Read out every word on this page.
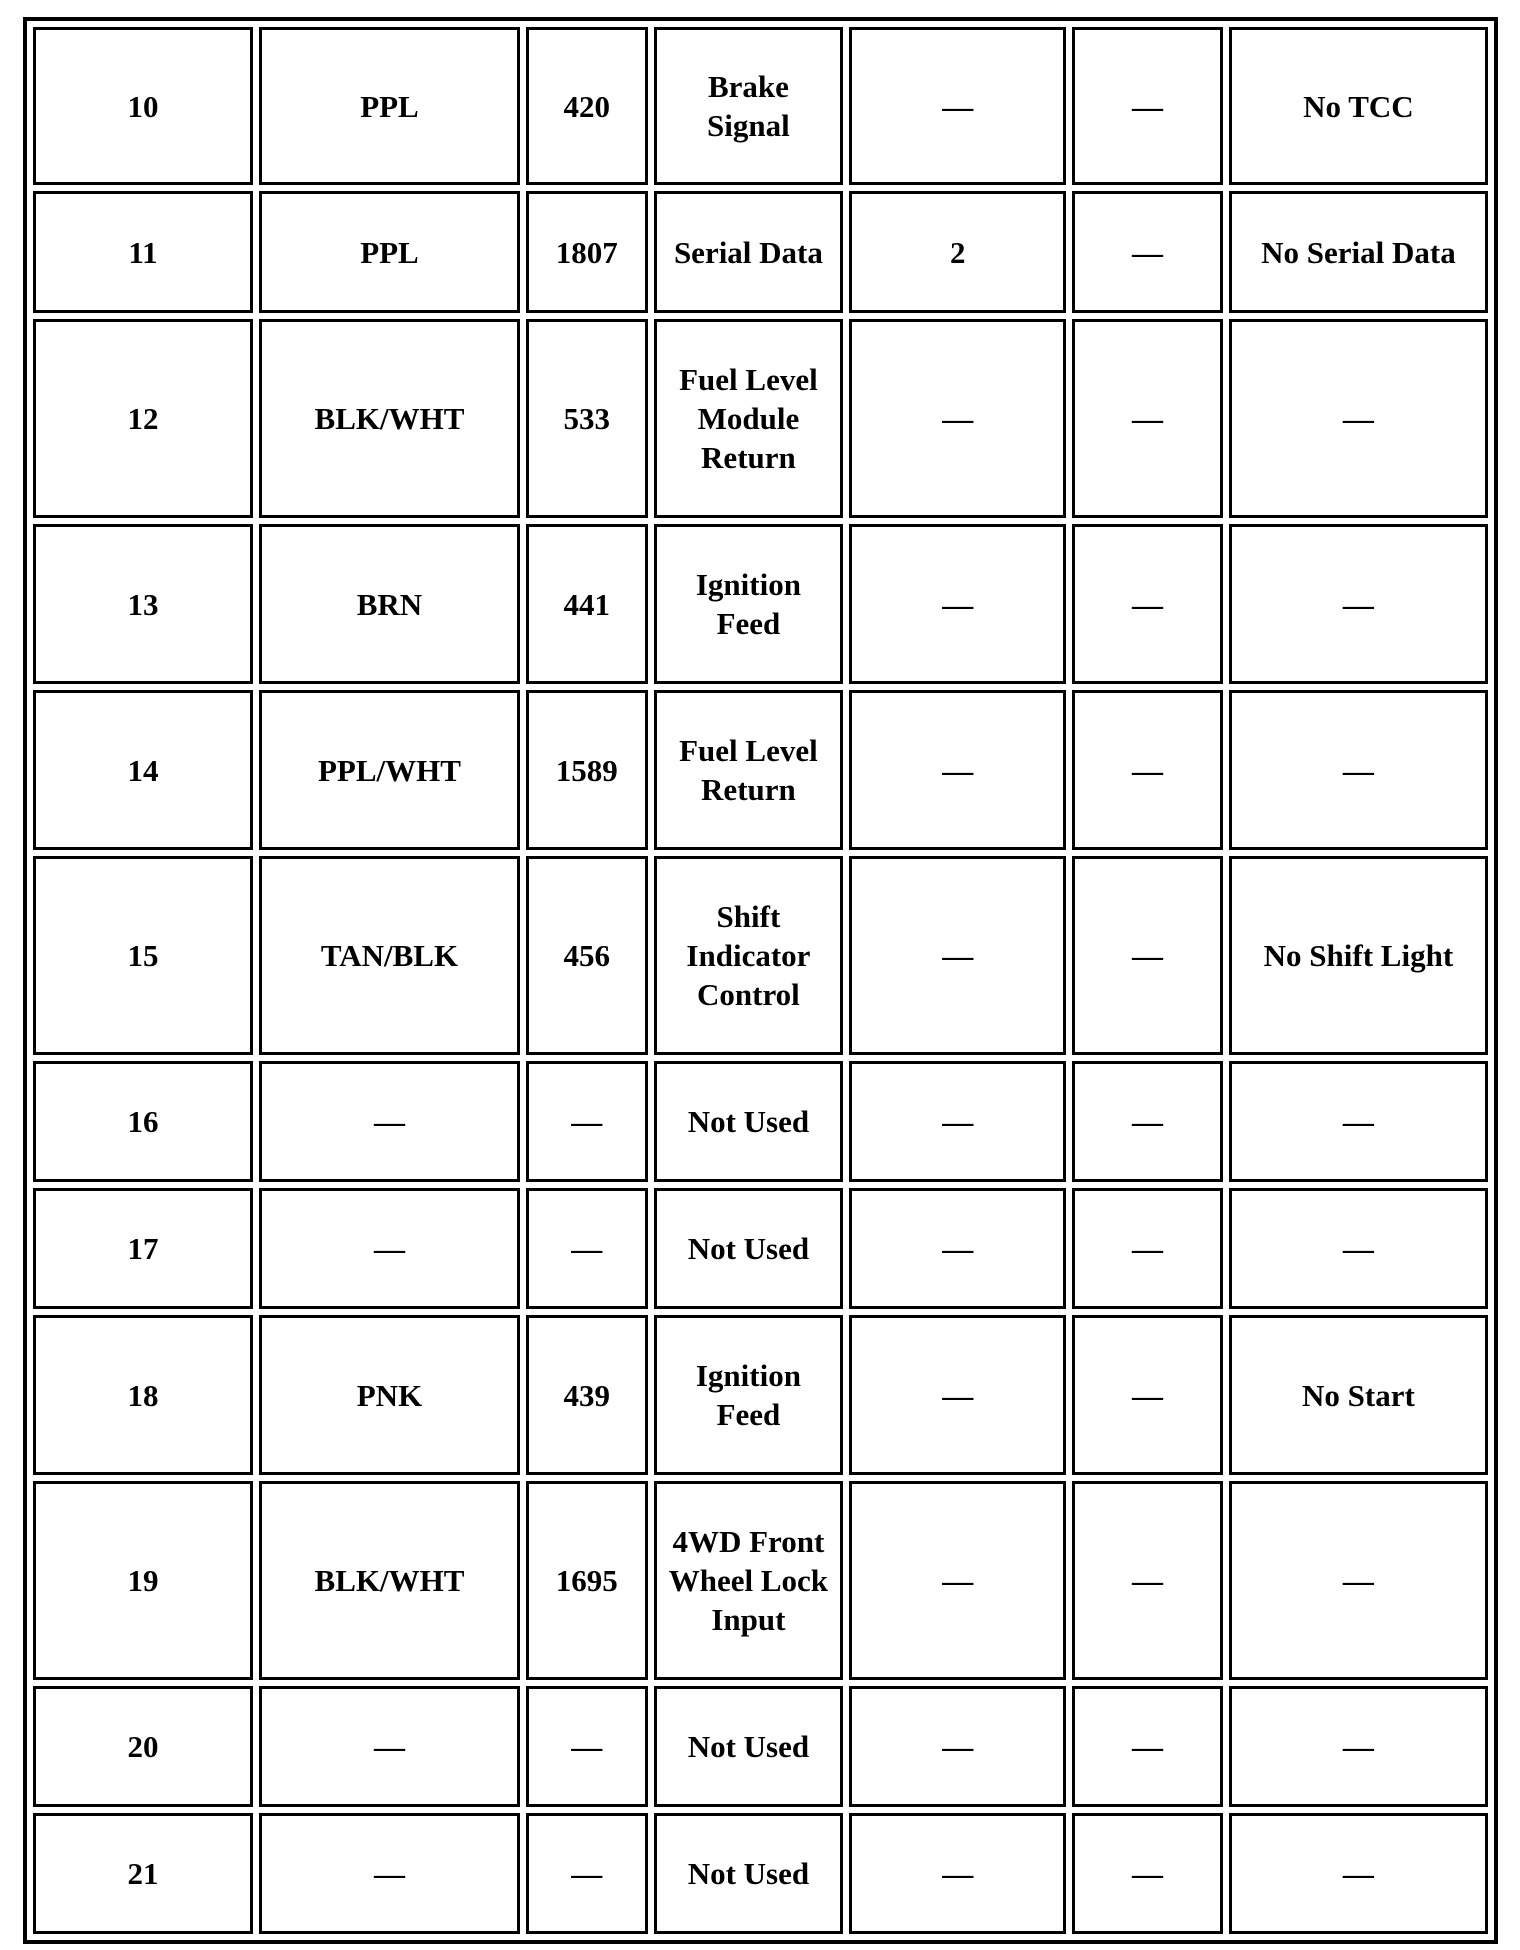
10	PPL	420	Brake
Signal	—	—	No TCC
11	PPL	1807	Serial Data	2	—	No Serial Data
12	BLK/WHT	533	Fuel Level
Module
Return	—	—	—
13	BRN	441	Ignition
Feed	—	—	—
14	PPL/WHT	1589	Fuel Level
Return	—	—	—
15	TAN/BLK	456	Shift
Indicator
Control	—	—	No Shift Light
16	—	—	Not Used	—	—	—
17	—	—	Not Used	—	—	—
18	PNK	439	Ignition
Feed	—	—	No Start
19	BLK/WHT	1695	4WD Front
Wheel Lock
Input	—	—	—
20	—	—	Not Used	—	—	—
21	—	—	Not Used	—	—	—
